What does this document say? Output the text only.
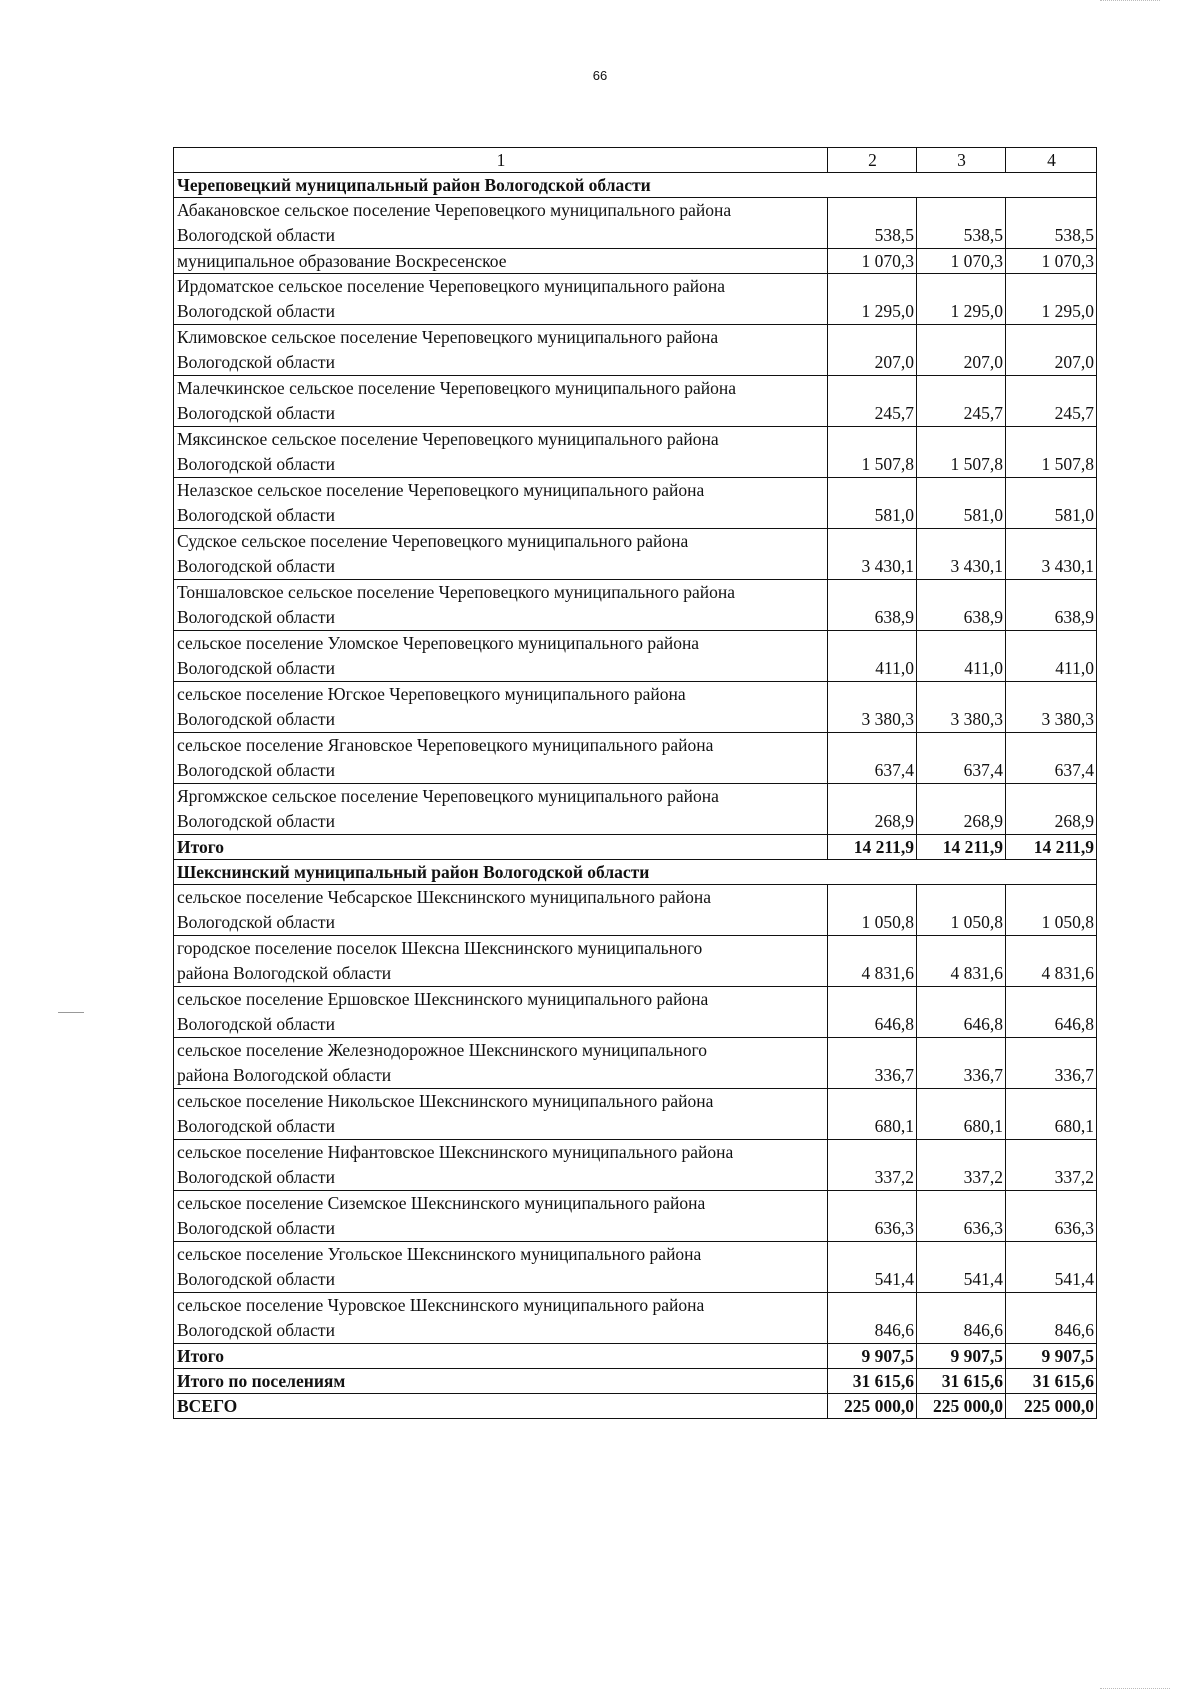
66
1	2	3	4
Череповецкий муниципальный район Вологодской области			
Абакановское сельское поселение Череповецкого муниципального района
Вологодской области	538,5	538,5	538,5
муниципальное образование Воскресенское	1 070,3	1 070,3	1 070,3
Ирдоматское сельское поселение Череповецкого муниципального района
Вологодской области	1 295,0	1 295,0	1 295,0
Климовское сельское поселение Череповецкого муниципального района
Вологодской области	207,0	207,0	207,0
Малечкинское сельское поселение Череповецкого муниципального района
Вологодской области	245,7	245,7	245,7
Мяксинское сельское поселение Череповецкого муниципального района
Вологодской области	1 507,8	1 507,8	1 507,8
Нелазское сельское поселение Череповецкого муниципального района
Вологодской области	581,0	581,0	581,0
Судское сельское поселение Череповецкого муниципального района
Вологодской области	3 430,1	3 430,1	3 430,1
Тоншаловское сельское поселение Череповецкого муниципального района
Вологодской области	638,9	638,9	638,9
сельское поселение Уломское Череповецкого муниципального района
Вологодской области	411,0	411,0	411,0
сельское поселение Югское Череповецкого муниципального района
Вологодской области	3 380,3	3 380,3	3 380,3
сельское поселение Ягановское Череповецкого муниципального района
Вологодской области	637,4	637,4	637,4
Яргомжское сельское поселение Череповецкого муниципального района
Вологодской области	268,9	268,9	268,9
Итого	14 211,9	14 211,9	14 211,9
Шекснинский муниципальный район Вологодской области			
сельское поселение Чебсарское Шекснинского муниципального района
Вологодской области	1 050,8	1 050,8	1 050,8
городское поселение поселок Шексна Шекснинского муниципального
района Вологодской области	4 831,6	4 831,6	4 831,6
сельское поселение Ершовское Шекснинского муниципального района
Вологодской области	646,8	646,8	646,8
сельское поселение Железнодорожное Шекснинского муниципального
района Вологодской области	336,7	336,7	336,7
сельское поселение Никольское Шекснинского муниципального района
Вологодской области	680,1	680,1	680,1
сельское поселение Нифантовское Шекснинского муниципального района
Вологодской области	337,2	337,2	337,2
сельское поселение Сиземское Шекснинского муниципального района
Вологодской области	636,3	636,3	636,3
сельское поселение Угольское Шекснинского муниципального района
Вологодской области	541,4	541,4	541,4
сельское поселение Чуровское Шекснинского муниципального района
Вологодской области	846,6	846,6	846,6
Итого	9 907,5	9 907,5	9 907,5
Итого по поселениям	31 615,6	31 615,6	31 615,6
ВСЕГО	225 000,0	225 000,0	225 000,0
